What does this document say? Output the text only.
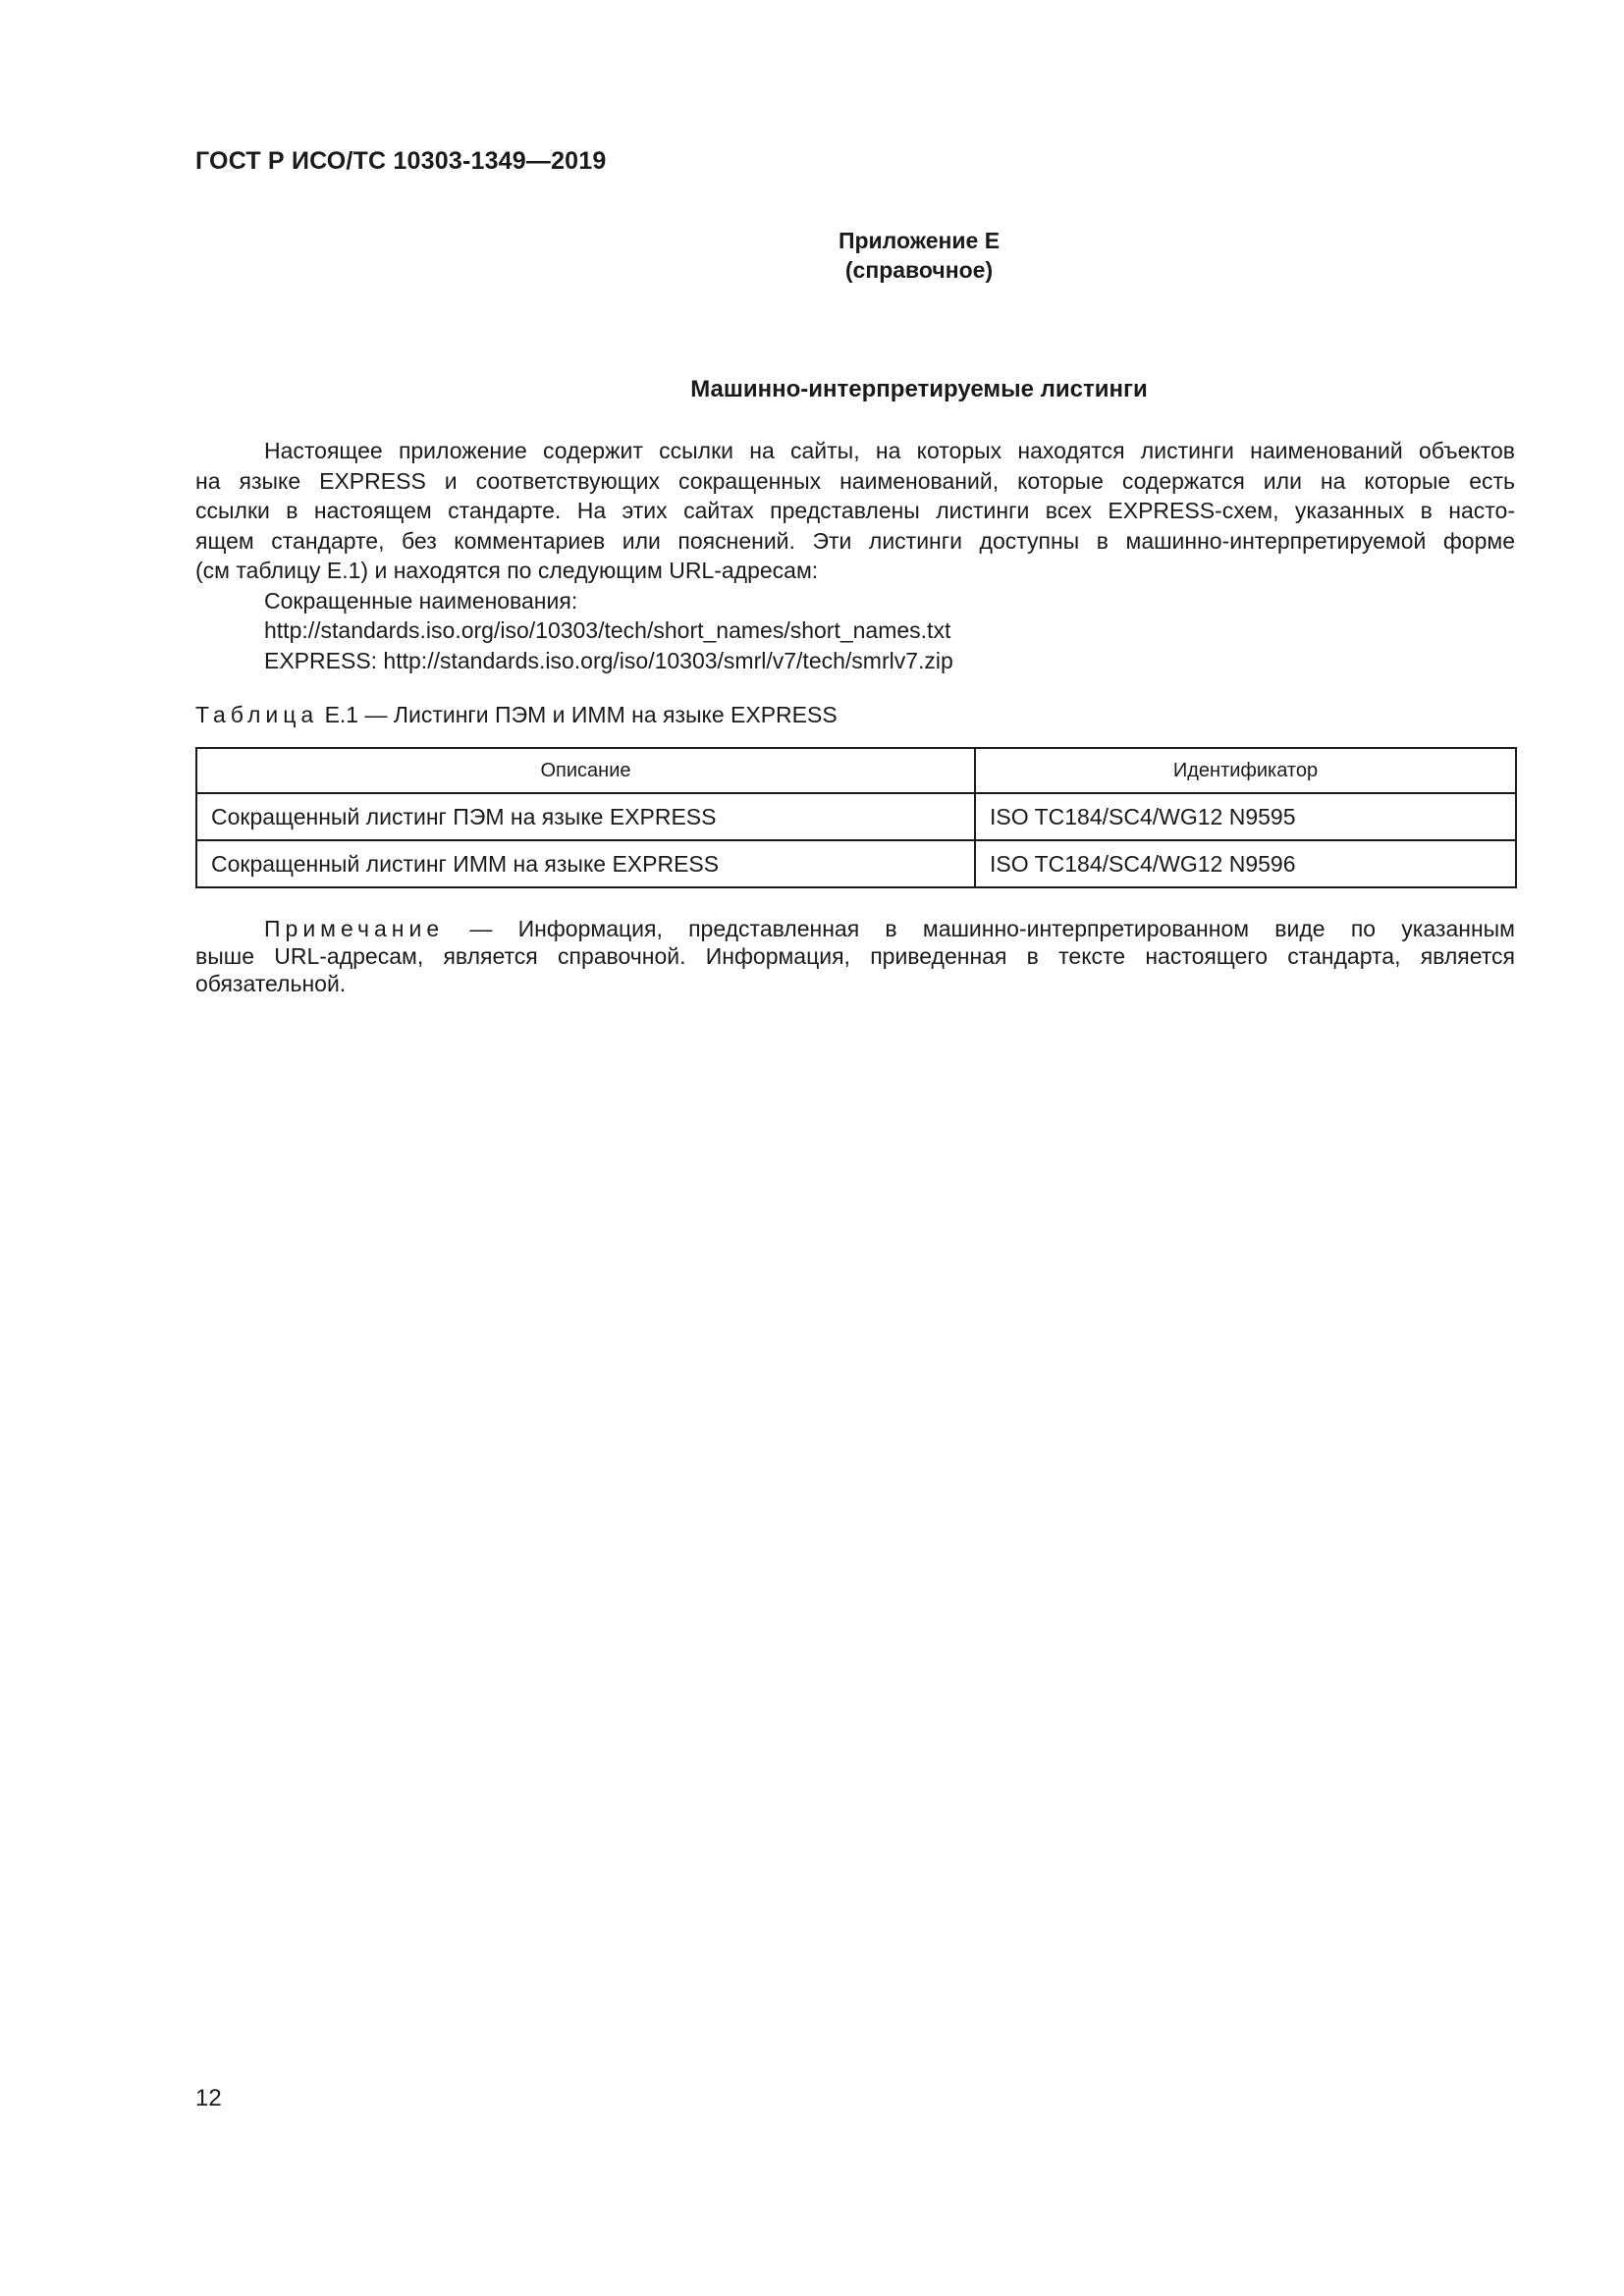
ГОСТ Р ИСО/ТС 10303-1349—2019
Приложение Е
(справочное)
Машинно-интерпретируемые листинги
Настоящее приложение содержит ссылки на сайты, на которых находятся листинги наименований объектов
на языке EXPRESS и соответствующих сокращенных наименований, которые содержатся или на которые есть
ссылки в настоящем стандарте. На этих сайтах представлены листинги всех EXPRESS-схем, указанных в насто-
ящем стандарте, без комментариев или пояснений. Эти листинги доступны в машинно-интерпретируемой форме
(см таблицу Е.1) и находятся по следующим URL-адресам:

Сокращенные наименования:

http://standards.iso.org/iso/10303/tech/short_names/short_names.txt

EXPRESS: http://standards.iso.org/iso/10303/smrl/v7/tech/smrlv7.zip

Таблица Е.1 — Листинги ПЭМ и ИММ на языке EXPRESS
Описание	Идентификатор
Сокращенный листинг ПЭМ на языке EXPRESS	ISO TC184/SC4/WG12 N9595
Сокращенный листинг ИММ на языке EXPRESS	ISO TC184/SC4/WG12 N9596
Примечание — Информация, представленная в машинно-интерпретированном виде по указанным
выше URL-адресам, является справочной. Информация, приведенная в тексте настоящего стандарта, является
обязательной.
12
